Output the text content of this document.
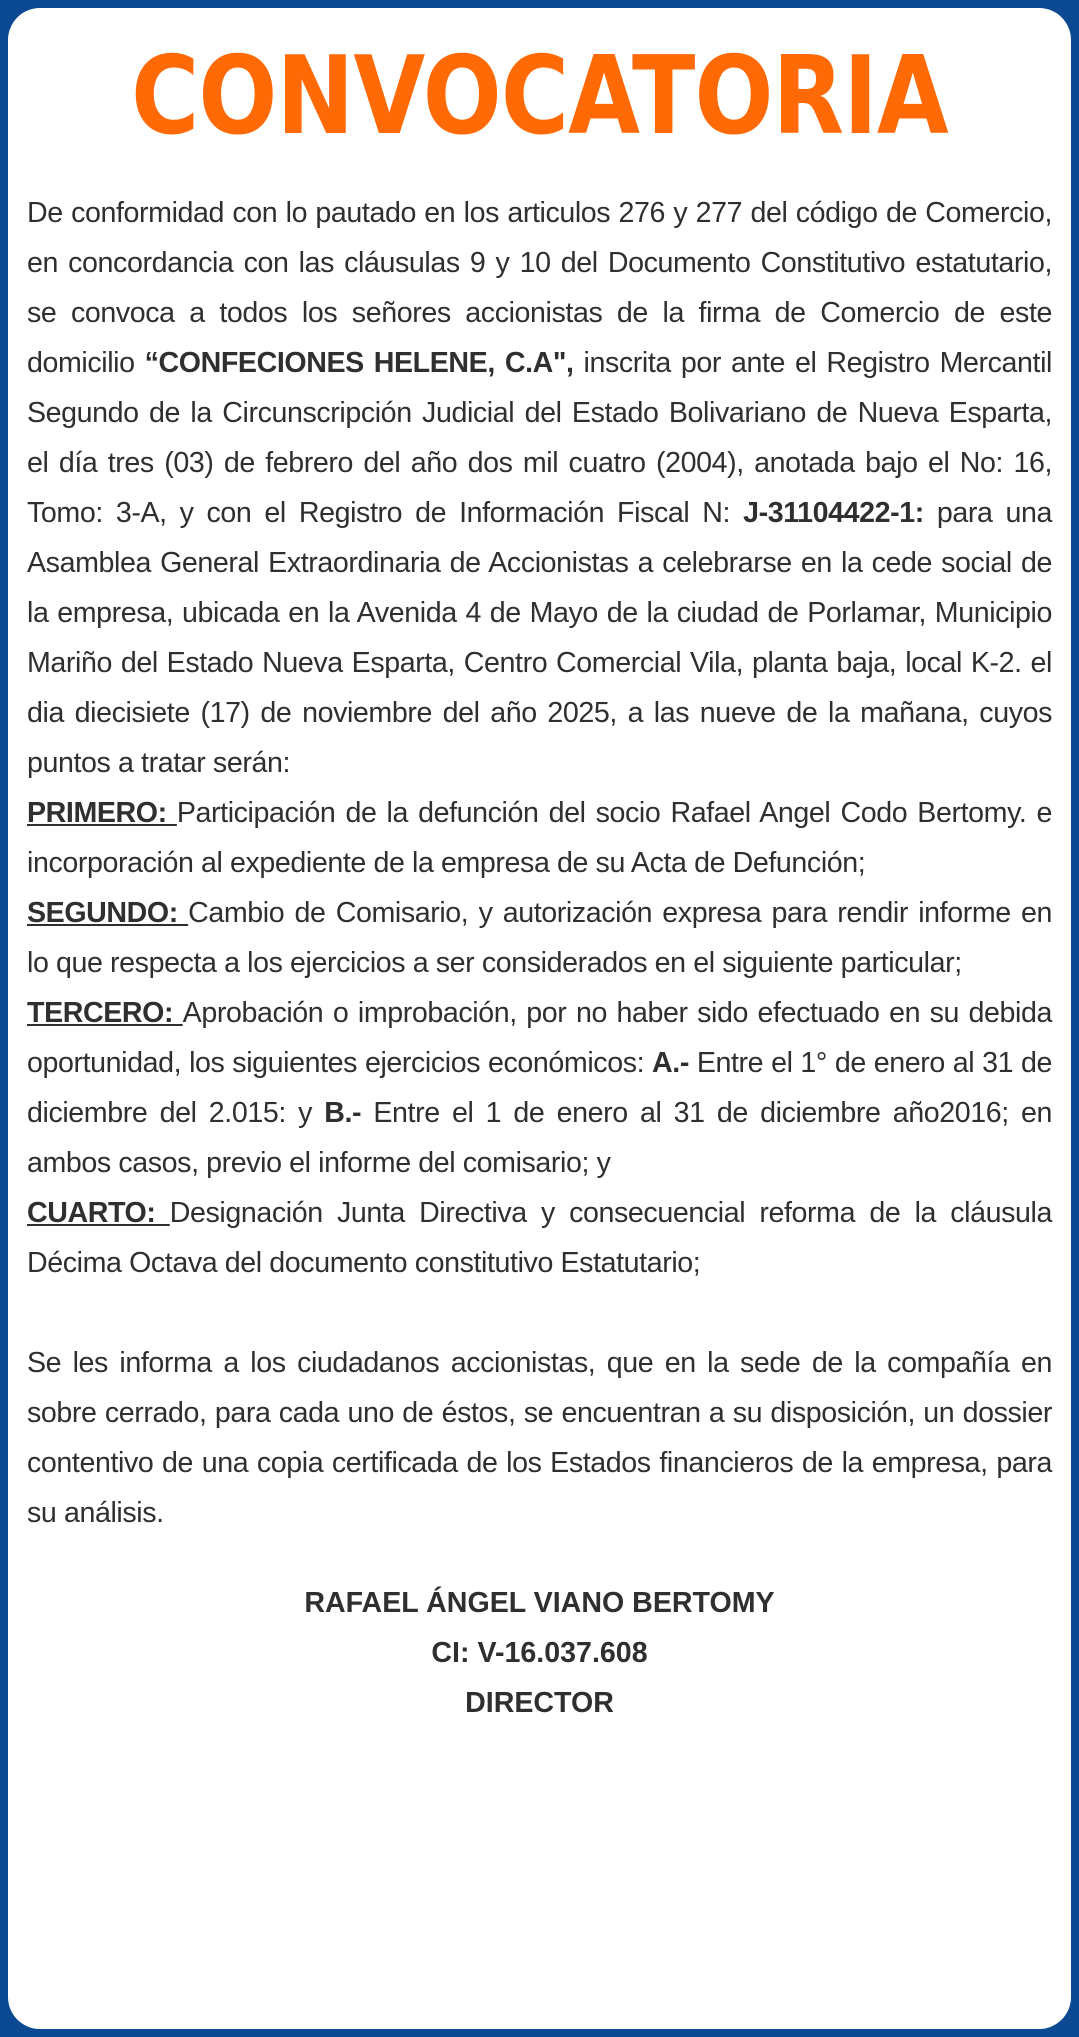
CONVOCATORIA

De conformidad con lo pautado en los articulos 276 y 277 del código de Comercio, en concordancia con las cláusulas 9 y 10 del Documento Constitutivo estatutario, se convoca a todos los señores accionistas de la firma de Comercio de este domicilio “CONFECIONES HELENE, C.A", inscrita por ante el Registro Mercantil Segundo de la Circunscripción Judicial del Estado Bolivariano de Nueva Esparta, el día tres (03) de febrero del año dos mil cuatro (2004), anotada bajo el No: 16, Tomo: 3-A, y con el Registro de Información Fiscal N: J-31104422-1: para una Asamblea General Extraordinaria de Accionistas a celebrarse en la cede social de la empresa, ubicada en la Avenida 4 de Mayo de la ciudad de Porlamar, Municipio Mariño del Estado Nueva Esparta, Centro Comercial Vila, planta baja, local K-2. el dia diecisiete (17) de noviembre del año 2025, a las nueve de la mañana, cuyos puntos a tratar serán:

PRIMERO: Participación de la defunción del socio Rafael Angel Codo Bertomy. e incorporación al expediente de la empresa de su Acta de Defunción;

SEGUNDO: Cambio de Comisario, y autorización expresa para rendir informe en lo que respecta a los ejercicios a ser considerados en el siguiente particular;

TERCERO: Aprobación o improbación, por no haber sido efectuado en su debida oportunidad, los siguientes ejercicios económicos: A.- Entre el 1° de enero al 31 de diciembre del 2.015: y B.- Entre el 1 de enero al 31 de diciembre año2016; en ambos casos, previo el informe del comisario; y

CUARTO: Designación Junta Directiva y consecuencial reforma de la cláusula Décima Octava del documento constitutivo Estatutario;

Se les informa a los ciudadanos accionistas, que en la sede de la compañía en sobre cerrado, para cada uno de éstos, se encuentran a su disposición, un dossier contentivo de una copia certificada de los Estados financieros de la empresa, para su análisis.

RAFAEL ÁNGEL VIANO BERTOMY
CI: V-16.037.608
DIRECTOR
